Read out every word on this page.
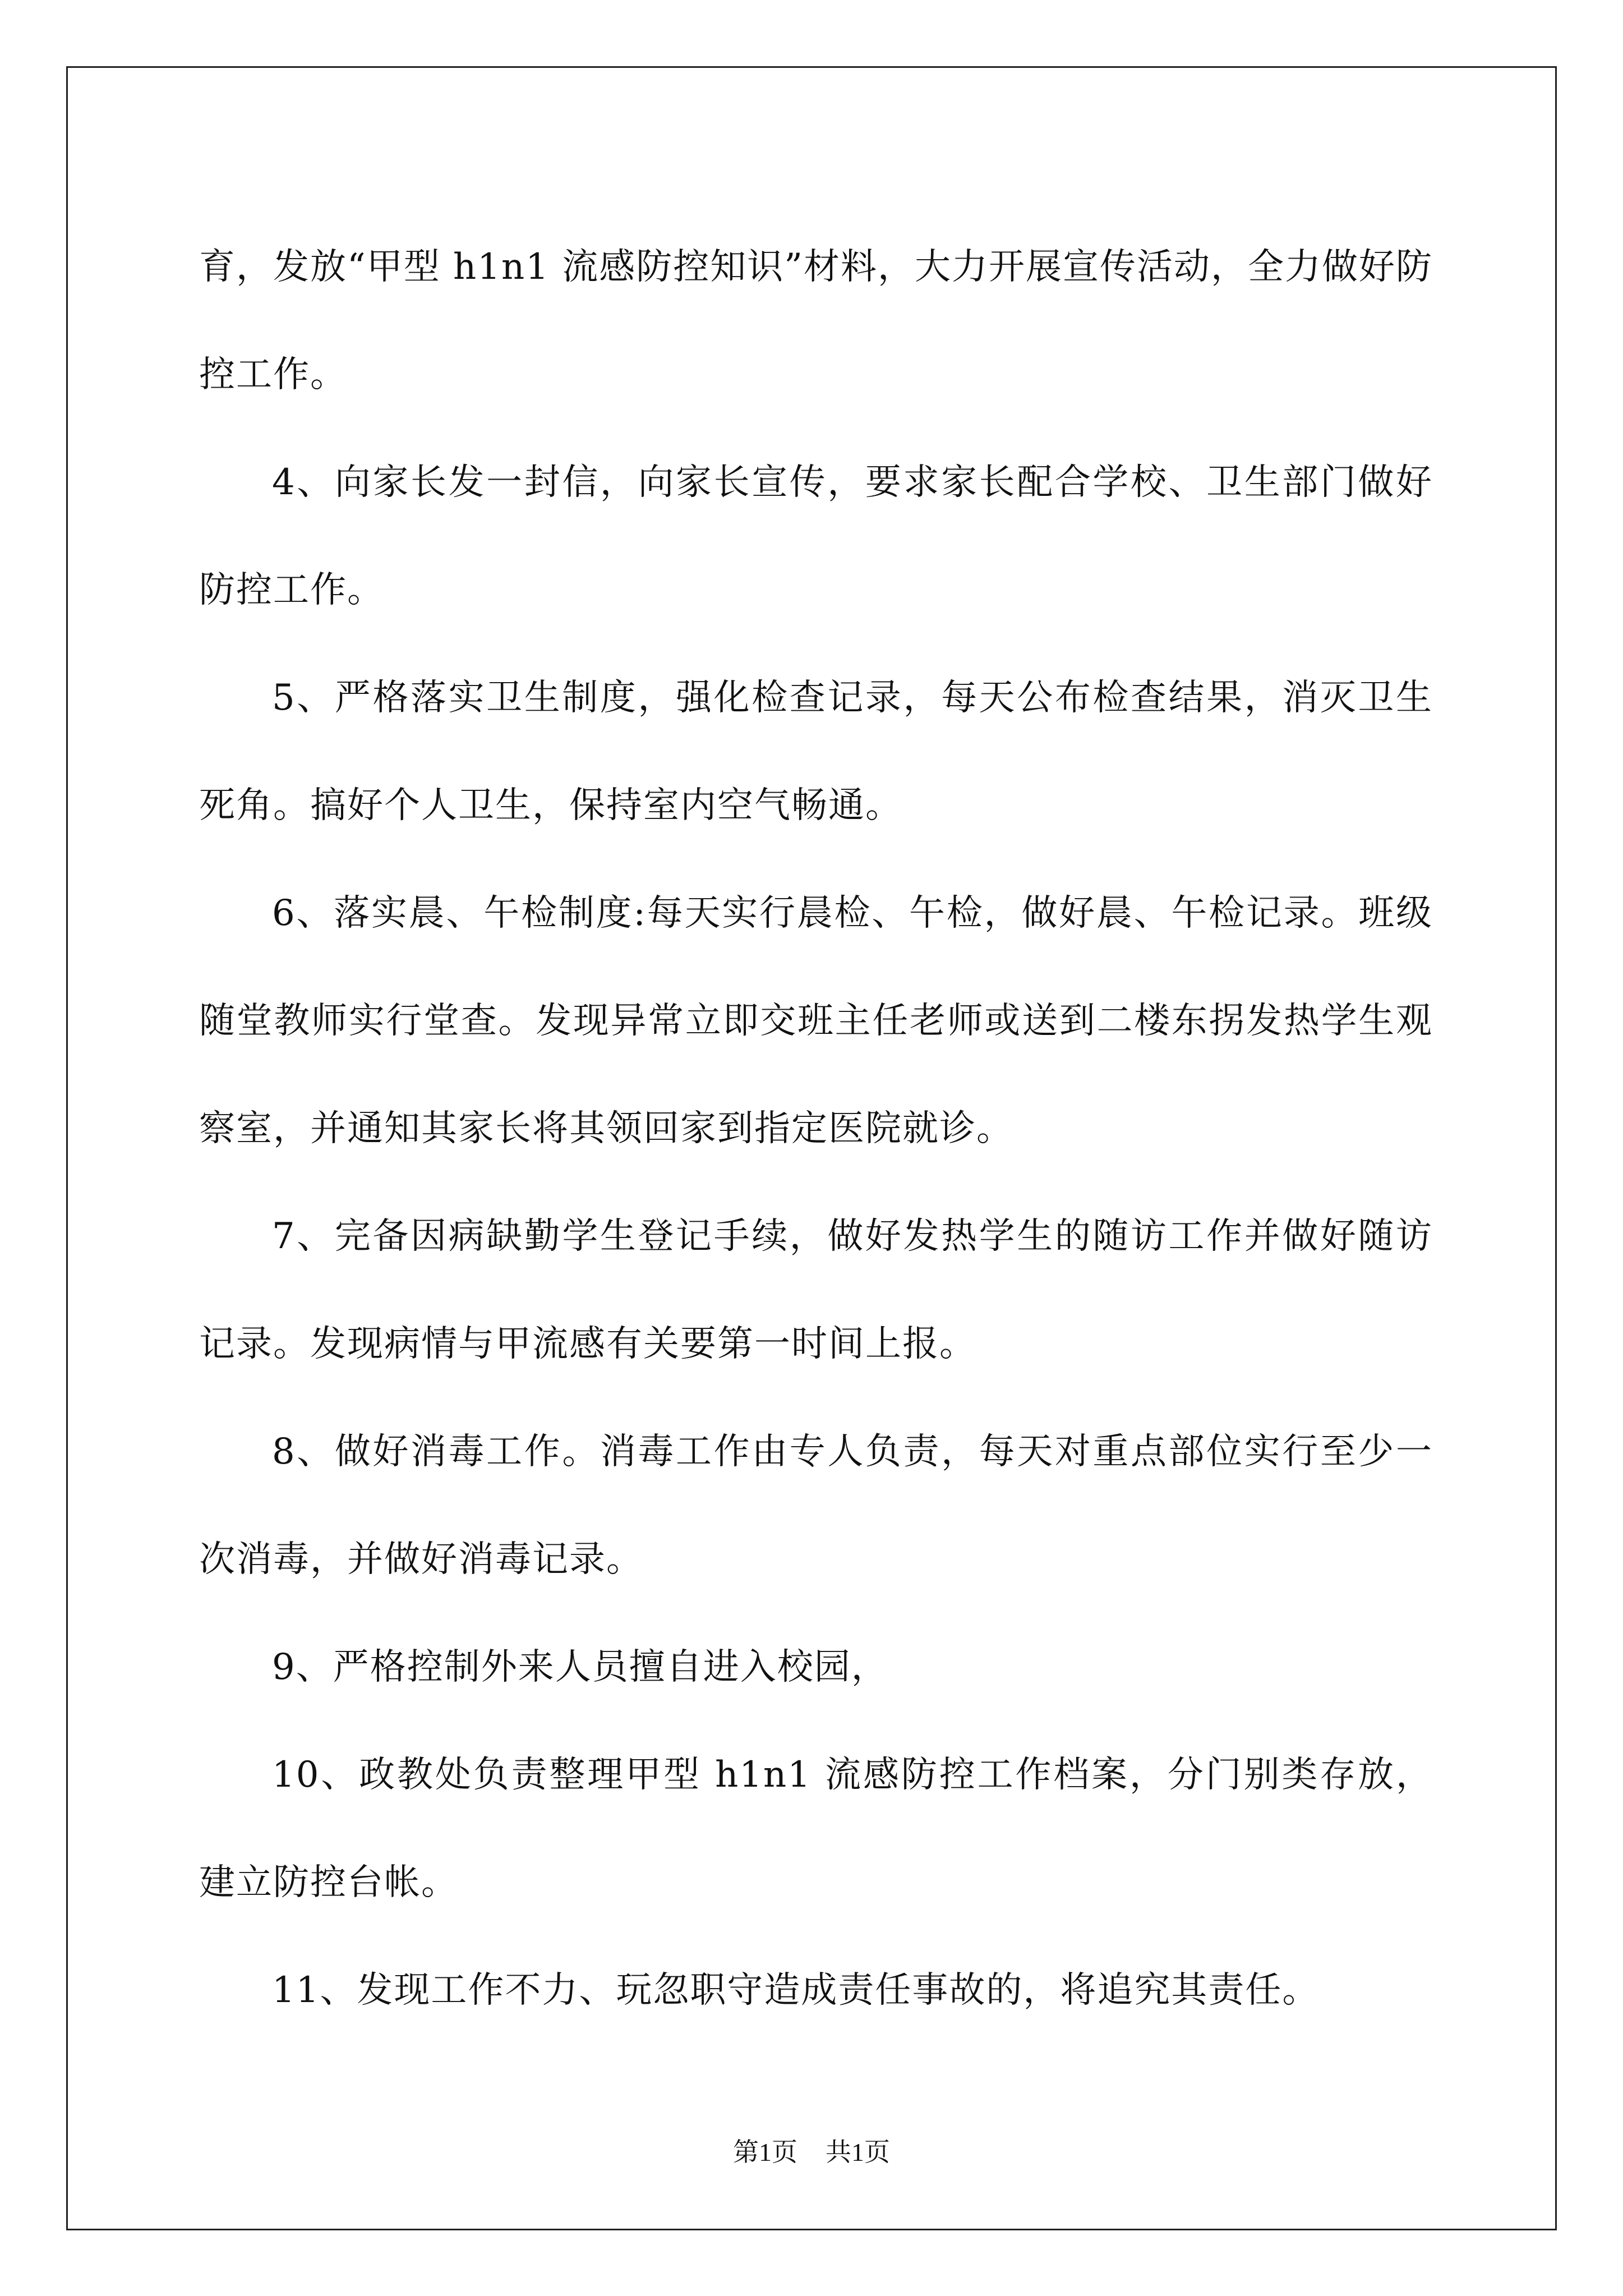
育，发放“甲型 h1n1 流感防控知识”材料，大力开展宣传活动，全力做好防控工作。

4、向家长发一封信，向家长宣传，要求家长配合学校、卫生部门做好防控工作。

5、严格落实卫生制度，强化检查记录，每天公布检查结果，消灭卫生死角。搞好个人卫生，保持室内空气畅通。

6、落实晨、午检制度:每天实行晨检、午检，做好晨、午检记录。班级随堂教师实行堂查。发现异常立即交班主任老师或送到二楼东拐发热学生观察室，并通知其家长将其领回家到指定医院就诊。

7、完备因病缺勤学生登记手续，做好发热学生的随访工作并做好随访记录。发现病情与甲流感有关要第一时间上报。

8、做好消毒工作。消毒工作由专人负责，每天对重点部位实行至少一次消毒，并做好消毒记录。

9、严格控制外来人员擅自进入校园，

10、政教处负责整理甲型 h1n1 流感防控工作档案，分门别类存放，建立防控台帐。

11、发现工作不力、玩忽职守造成责任事故的，将追究其责任。

第1页 共1页
